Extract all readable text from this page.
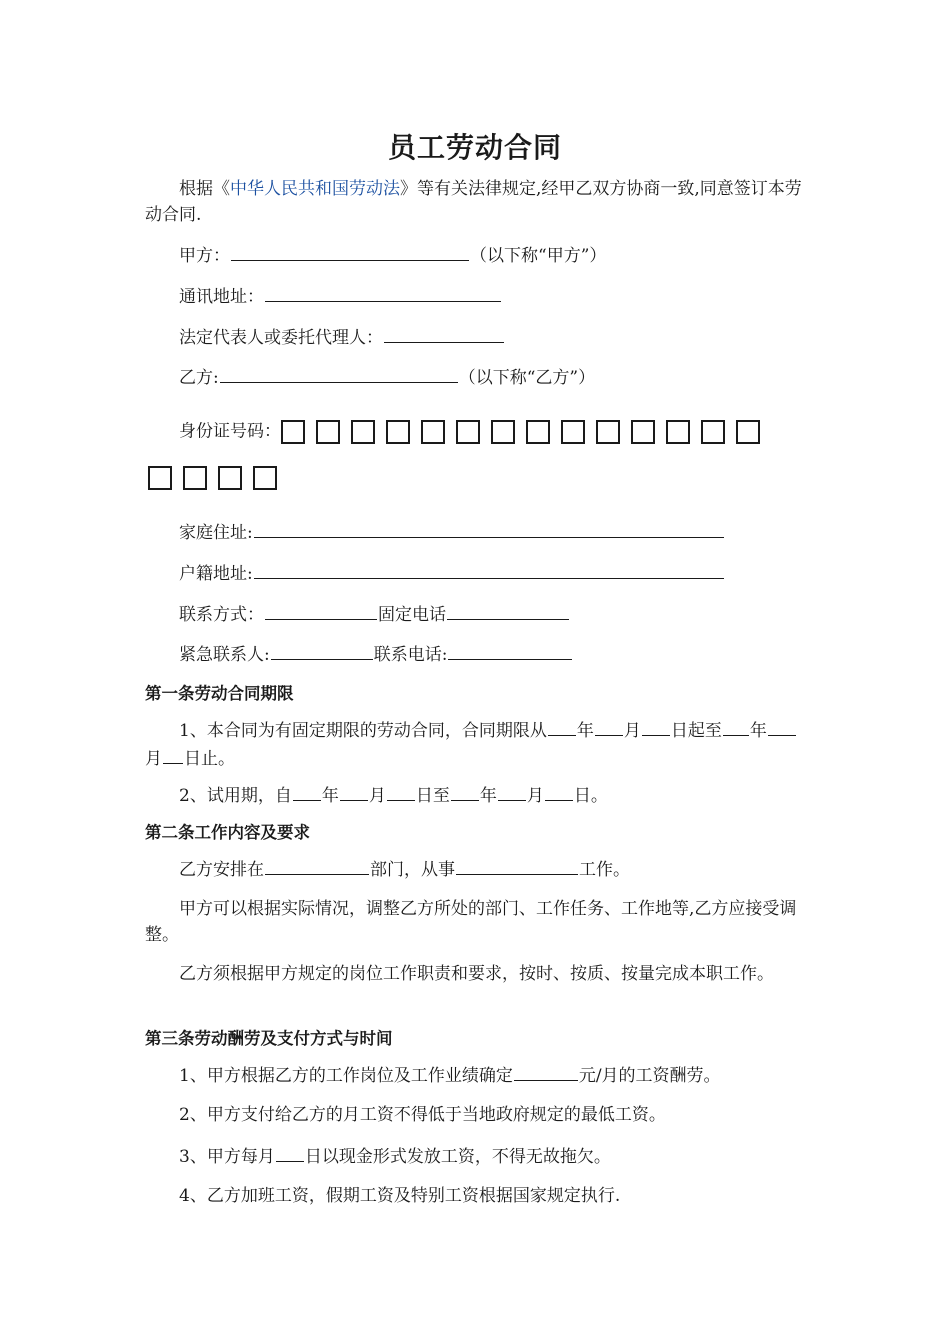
员工劳动合同

根据《中华人民共和国劳动法》等有关法律规定,经甲乙双方协商一致,同意签订本劳动合同.

甲方：	（以下称“甲方”）
通讯地址：
法定代表人或委托代理人：
乙方:	（以下称“乙方”）
身份证号码：
家庭住址:
户籍地址:
联系方式：	固定电话
紧急联系人:	联系电话:
第一条劳动合同期限

1、本合同为有固定期限的劳动合同，合同期限从 年 月 日起至 年月 日止。

2、试用期，自 年 月 日至 年 月 日。

第二条工作内容及要求

乙方安排在	部门，从事	工作。

甲方可以根据实际情况，调整乙方所处的部门、工作任务、工作地等,乙方应接受调整。

乙方须根据甲方规定的岗位工作职责和要求，按时、按质、按量完成本职工作。

第三条劳动酬劳及支付方式与时间

1、甲方根据乙方的工作岗位及工作业绩确定	元/月的工资酬劳。

2、甲方支付给乙方的月工资不得低于当地政府规定的最低工资。

3、甲方每月 日以现金形式发放工资，不得无故拖欠。

4、乙方加班工资，假期工资及特别工资根据国家规定执行.
